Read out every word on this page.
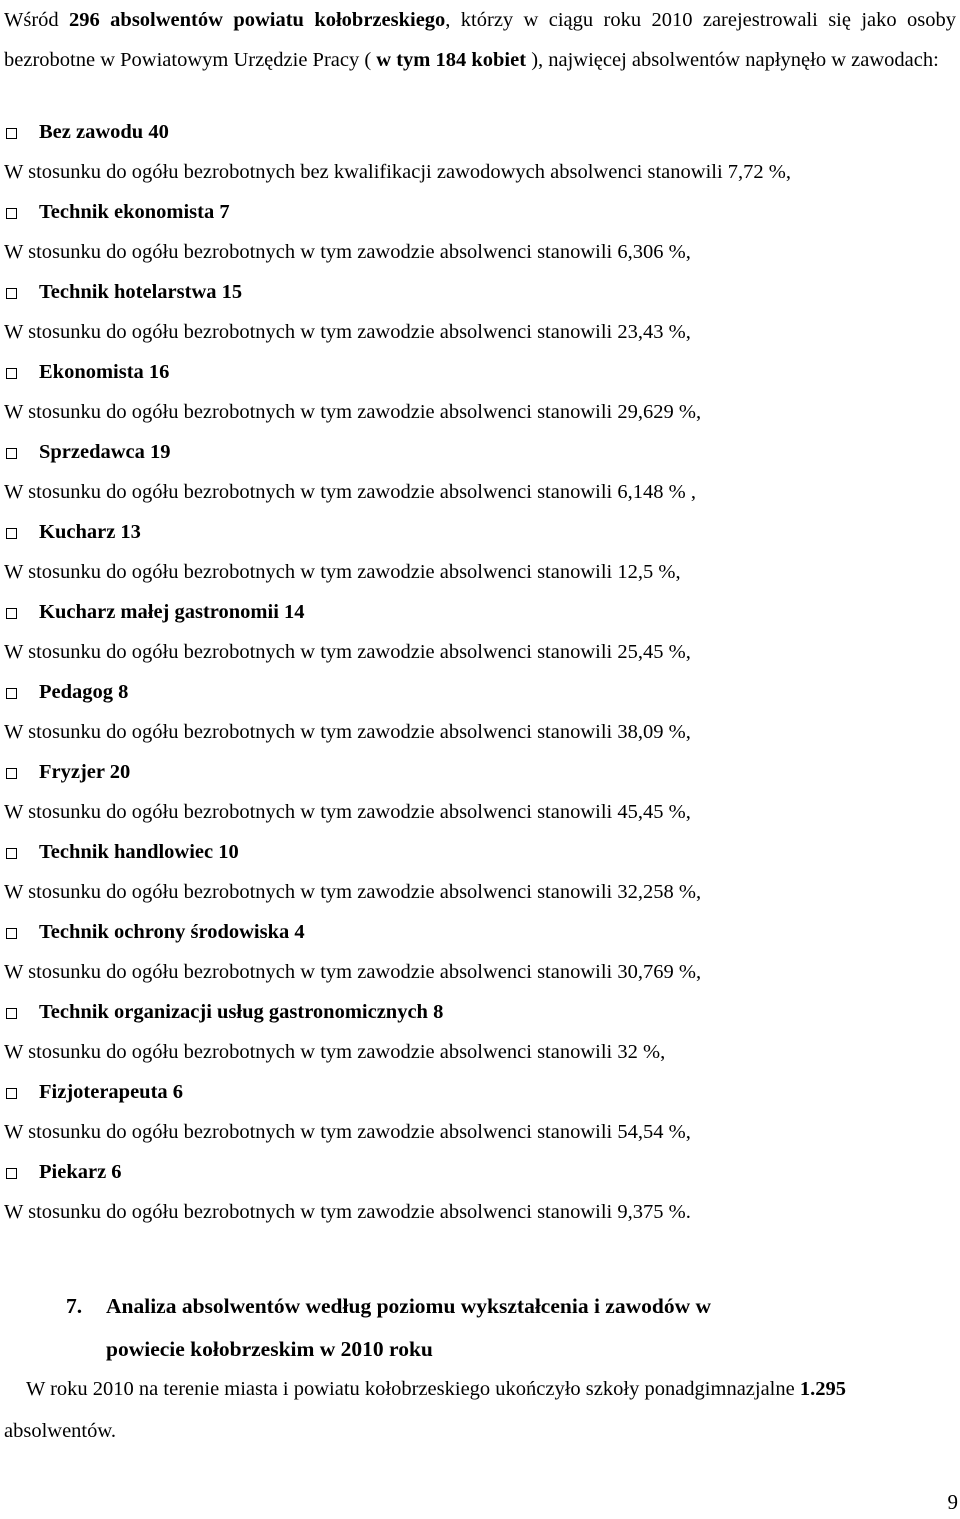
Wśród 296 absolwentów powiatu kołobrzeskiego, którzy w ciągu roku 2010 zarejestrowali się jako osoby bezrobotne w Powiatowym Urzędzie Pracy ( w tym 184 kobiet ), najwięcej absolwentów napłynęło w zawodach:
Bez zawodu 40
W stosunku do ogółu bezrobotnych bez kwalifikacji zawodowych absolwenci stanowili 7,72 %,
Technik ekonomista 7
W stosunku do ogółu bezrobotnych w tym zawodzie absolwenci stanowili 6,306 %,
Technik hotelarstwa 15
W stosunku do ogółu bezrobotnych w tym zawodzie absolwenci stanowili 23,43 %,
Ekonomista 16
W stosunku do ogółu bezrobotnych w tym zawodzie absolwenci stanowili 29,629 %,
Sprzedawca 19
W stosunku do ogółu bezrobotnych w tym zawodzie absolwenci stanowili 6,148 % ,
Kucharz 13
W stosunku do ogółu bezrobotnych w tym zawodzie absolwenci stanowili 12,5 %,
Kucharz małej gastronomii 14
W stosunku do ogółu bezrobotnych w tym zawodzie absolwenci stanowili 25,45 %,
Pedagog 8
W stosunku do ogółu bezrobotnych w tym zawodzie absolwenci stanowili 38,09 %,
Fryzjer 20
W stosunku do ogółu bezrobotnych w tym zawodzie absolwenci stanowili 45,45 %,
Technik handlowiec 10
W stosunku do ogółu bezrobotnych w tym zawodzie absolwenci stanowili 32,258 %,
Technik ochrony środowiska 4
W stosunku do ogółu bezrobotnych w tym zawodzie absolwenci stanowili 30,769 %,
Technik organizacji usług gastronomicznych 8
W stosunku do ogółu bezrobotnych w tym zawodzie absolwenci stanowili 32 %,
Fizjoterapeuta 6
W stosunku do ogółu bezrobotnych w tym zawodzie absolwenci stanowili 54,54 %,
Piekarz 6
W stosunku do ogółu bezrobotnych w tym zawodzie absolwenci stanowili 9,375 %.
7. Analiza absolwentów według poziomu wykształcenia i zawodów w
powiecie kołobrzeskim w 2010 roku
W roku 2010 na terenie miasta i powiatu kołobrzeskiego ukończyło szkoły ponadgimnazjalne 1.295
absolwentów.
9
